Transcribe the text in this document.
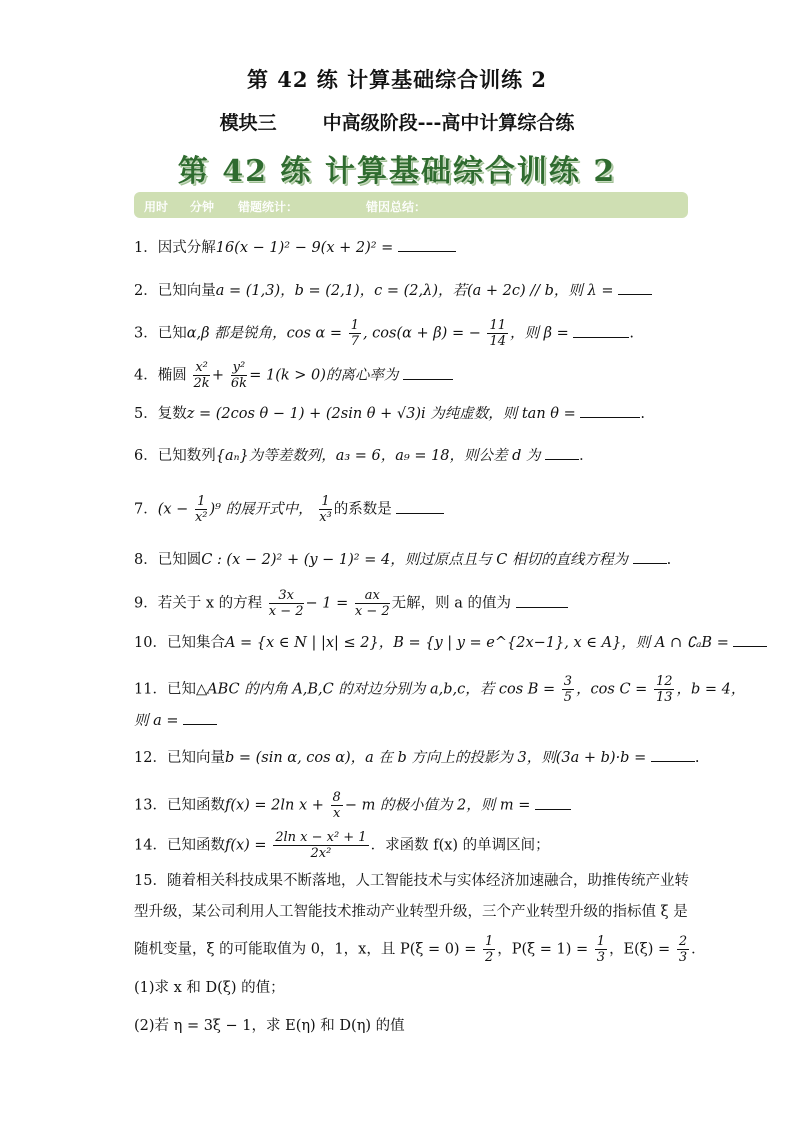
第 42 练 计算基础综合训练 2
模块三 中高级阶段---高中计算综合练
第 42 练 计算基础综合训练 2
用时 分钟 错题统计：	错因总结：
1．因式分解16(x − 1)² − 9(x + 2)² =
2．已知向量a = (1,3)，b = (2,1)，c = (2,λ)，若(a + 2c) // b，则 λ =
3．已知α,β 都是锐角，$\cos \alpha = \frac{1}{7}$ , cos(α + β) = − $\frac{11}{14}$ ，则 β =	.
4．椭圆 $\frac{\text{x²}}{2k} + \frac{\text{y²}}{6k} = 1(k > 0)$的离心率为
5．复数z = (2cos θ − 1) + (2sin θ + √3)i 为纯虚数，则 tan θ =	.
6．已知数列{aₙ}为等差数列，a₃ = 6，a₉ = 18，则公差 d 为	．
7．$(x - \frac{1}{\text{x²}} )^9$ 的展开式中， $\frac{1}{\text{x³}}$ 的系数是
8．已知圆C : (x − 2)² + (y − 1)² = 4，则过原点且与 C 相切的直线方程为	.
9．若关于 x 的方程 $\frac{3x}{x - 2} - 1 = \frac{ax}{x - 2}$ 无解，则 a 的值为
10．已知集合A = {x ∈ N | |x| ≤ 2}，B = {y | y = e^{2x−1}, x ∈ A}，则 A ∩ ∁ₐB =
11．已知△ABC 的内角 A,B,C 的对边分别为 a,b,c，若 $\cos B = \frac{3}{5}$ ，$\cos C = \frac{12}{13}$ ，b = 4，
则 a =
12．已知向量b = (sin α, cos α)，a 在 b 方向上的投影为 3，则(3a + b)·b =	.
13．已知函数f(x) = 2ln $x + \frac{8}{x} - m$ 的极小值为 2，则 m =
14．已知函数$f(x) = \frac{\text{2ln x − x² + 1}}{\text{2x²}}$ ．求函数 f(x) 的单调区间；
15．随着相关科技成果不断落地，人工智能技术与实体经济加速融合，助推传统产业转
型升级，某公司利用人工智能技术推动产业转型升级，三个产业转型升级的指标值 ξ 是
随机变量，ξ 的可能取值为 0，1，x，且 $P(\xi = 0) = \frac{1}{2}$ ，$P(\xi = 1) = \frac{1}{3}$ ，$E(\xi) = \frac{2}{3}$ ．
(1)求 x 和 D(ξ) 的值；
(2)若 η = 3ξ − 1，求 E(η) 和 D(η) 的值
